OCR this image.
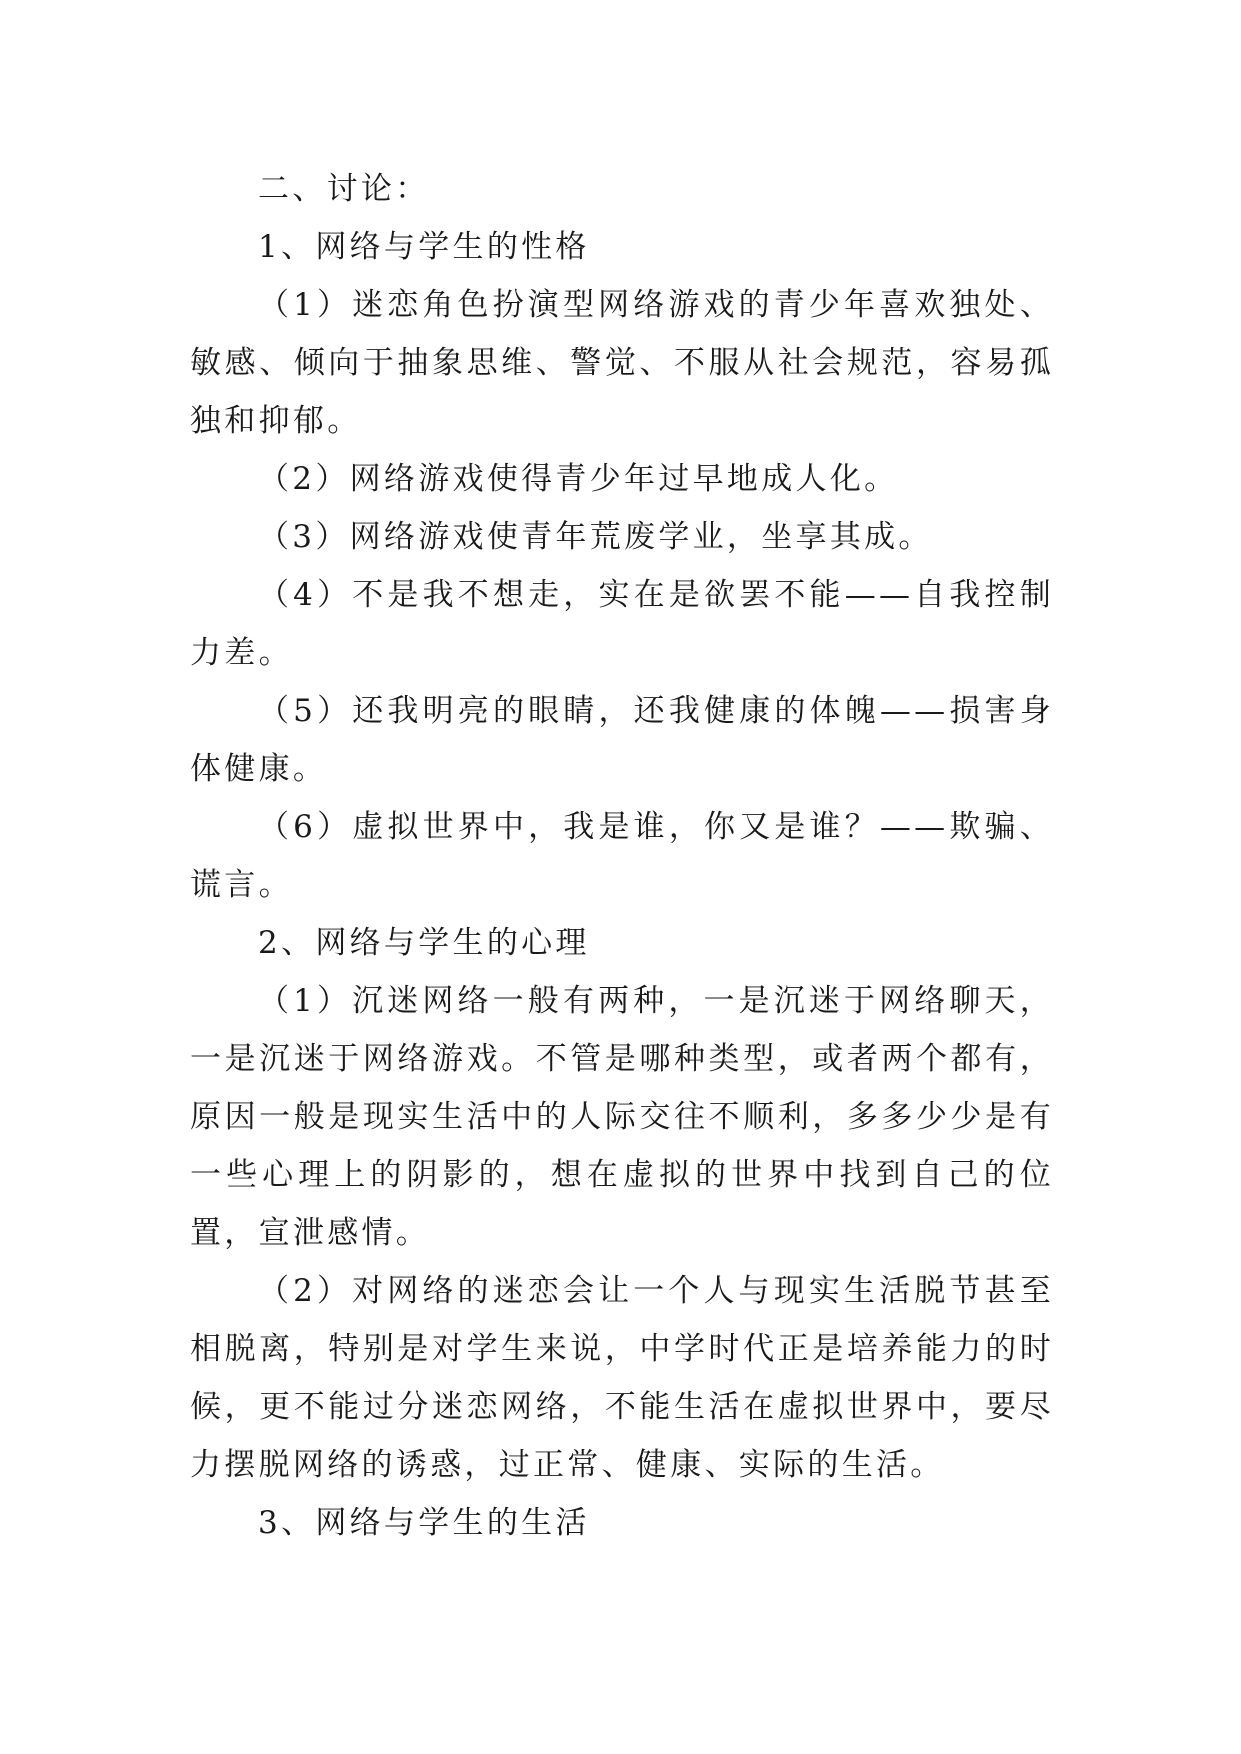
二、讨论：

1、网络与学生的性格

（1）迷恋角色扮演型网络游戏的青少年喜欢独处、敏感、倾向于抽象思维、警觉、不服从社会规范，容易孤独和抑郁。

（2）网络游戏使得青少年过早地成人化。

（3）网络游戏使青年荒废学业，坐享其成。

（4）不是我不想走，实在是欲罢不能——自我控制力差。

（5）还我明亮的眼睛，还我健康的体魄——损害身体健康。

（6）虚拟世界中，我是谁，你又是谁？——欺骗、谎言。

2、网络与学生的心理

（1）沉迷网络一般有两种，一是沉迷于网络聊天，一是沉迷于网络游戏。不管是哪种类型，或者两个都有，原因一般是现实生活中的人际交往不顺利，多多少少是有一些心理上的阴影的，想在虚拟的世界中找到自己的位置，宣泄感情。

（2）对网络的迷恋会让一个人与现实生活脱节甚至相脱离，特别是对学生来说，中学时代正是培养能力的时候，更不能过分迷恋网络，不能生活在虚拟世界中，要尽力摆脱网络的诱惑，过正常、健康、实际的生活。

3、网络与学生的生活
